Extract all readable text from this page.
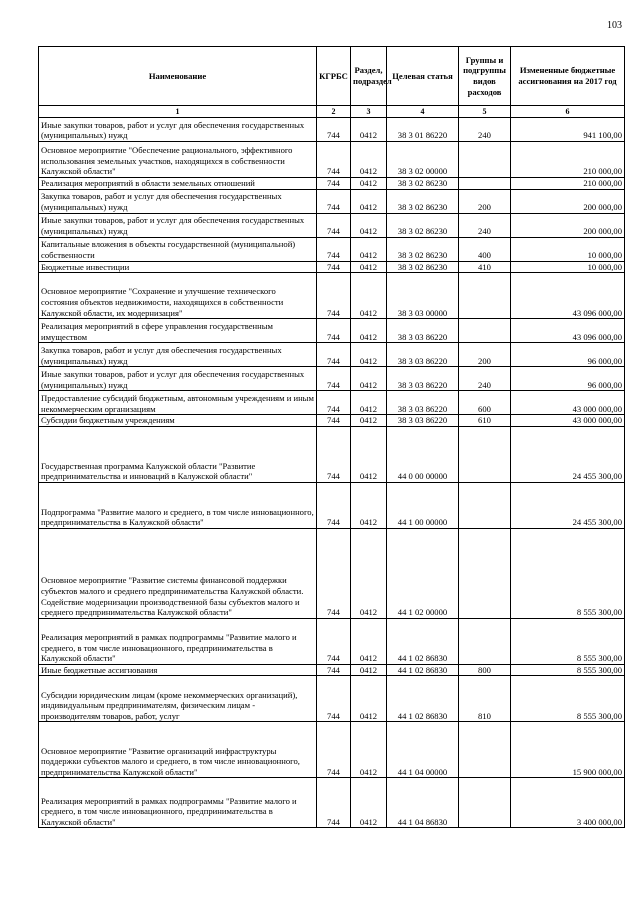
103
Наименование	КГРБС	Раздел, подраздел	Целевая статья	Группы и подгруппы видов расходов	Измененные бюджетные ассигнования на 2017 год
1	2	3	4	5	6
Иные закупки товаров, работ и услуг для обеспечения государственных (муниципальных) нужд	744	0412	38 3 01 86220	240	941 100,00
Основное мероприятие "Обеспечение рационального, эффективного использования земельных участков, находящихся в собственности Калужской области"	744	0412	38 3 02 00000		210 000,00
Реализация мероприятий в области земельных отношений	744	0412	38 3 02 86230		210 000,00
Закупка товаров, работ и услуг для обеспечения государственных (муниципальных) нужд	744	0412	38 3 02 86230	200	200 000,00
Иные закупки товаров, работ и услуг для обеспечения государственных (муниципальных) нужд	744	0412	38 3 02 86230	240	200 000,00
Капитальные вложения в объекты государственной (муниципальной) собственности	744	0412	38 3 02 86230	400	10 000,00
Бюджетные инвестиции	744	0412	38 3 02 86230	410	10 000,00
Основное мероприятие "Сохранение и улучшение технического состояния объектов недвижимости, находящихся в собственности Калужской области, их модернизация"	744	0412	38 3 03 00000		43 096 000,00
Реализация мероприятий в сфере управления государственным имуществом	744	0412	38 3 03 86220		43 096 000,00
Закупка товаров, работ и услуг для обеспечения государственных (муниципальных) нужд	744	0412	38 3 03 86220	200	96 000,00
Иные закупки товаров, работ и услуг для обеспечения государственных (муниципальных) нужд	744	0412	38 3 03 86220	240	96 000,00
Предоставление субсидий бюджетным, автономным учреждениям и иным некоммерческим организациям	744	0412	38 3 03 86220	600	43 000 000,00
Субсидии бюджетным учреждениям	744	0412	38 3 03 86220	610	43 000 000,00
Государственная программа Калужской области "Развитие предпринимательства и инноваций в Калужской области"	744	0412	44 0 00 00000		24 455 300,00
Подпрограмма "Развитие малого и среднего, в том числе инновационного, предпринимательства в Калужской области"	744	0412	44 1 00 00000		24 455 300,00
Основное мероприятие "Развитие системы финансовой поддержки субъектов малого и среднего предпринимательства Калужской области. Содействие модернизации производственной базы субъектов малого и среднего предпринимательства Калужской области"	744	0412	44 1 02 00000		8 555 300,00
Реализация мероприятий в рамках подпрограммы "Развитие малого и среднего, в том числе инновационного, предпринимательства в Калужской области"	744	0412	44 1 02 86830		8 555 300,00
Иные бюджетные ассигнования	744	0412	44 1 02 86830	800	8 555 300,00
Субсидии юридическим лицам (кроме некоммерческих организаций), индивидуальным предпринимателям, физическим лицам - производителям товаров, работ, услуг	744	0412	44 1 02 86830	810	8 555 300,00
Основное мероприятие "Развитие организаций инфраструктуры поддержки субъектов малого и среднего, в том числе инновационного, предпринимательства Калужской области"	744	0412	44 1 04 00000		15 900 000,00
Реализация мероприятий в рамках подпрограммы "Развитие малого и среднего, в том числе инновационного, предпринимательства в Калужской области"	744	0412	44 1 04 86830		3 400 000,00
